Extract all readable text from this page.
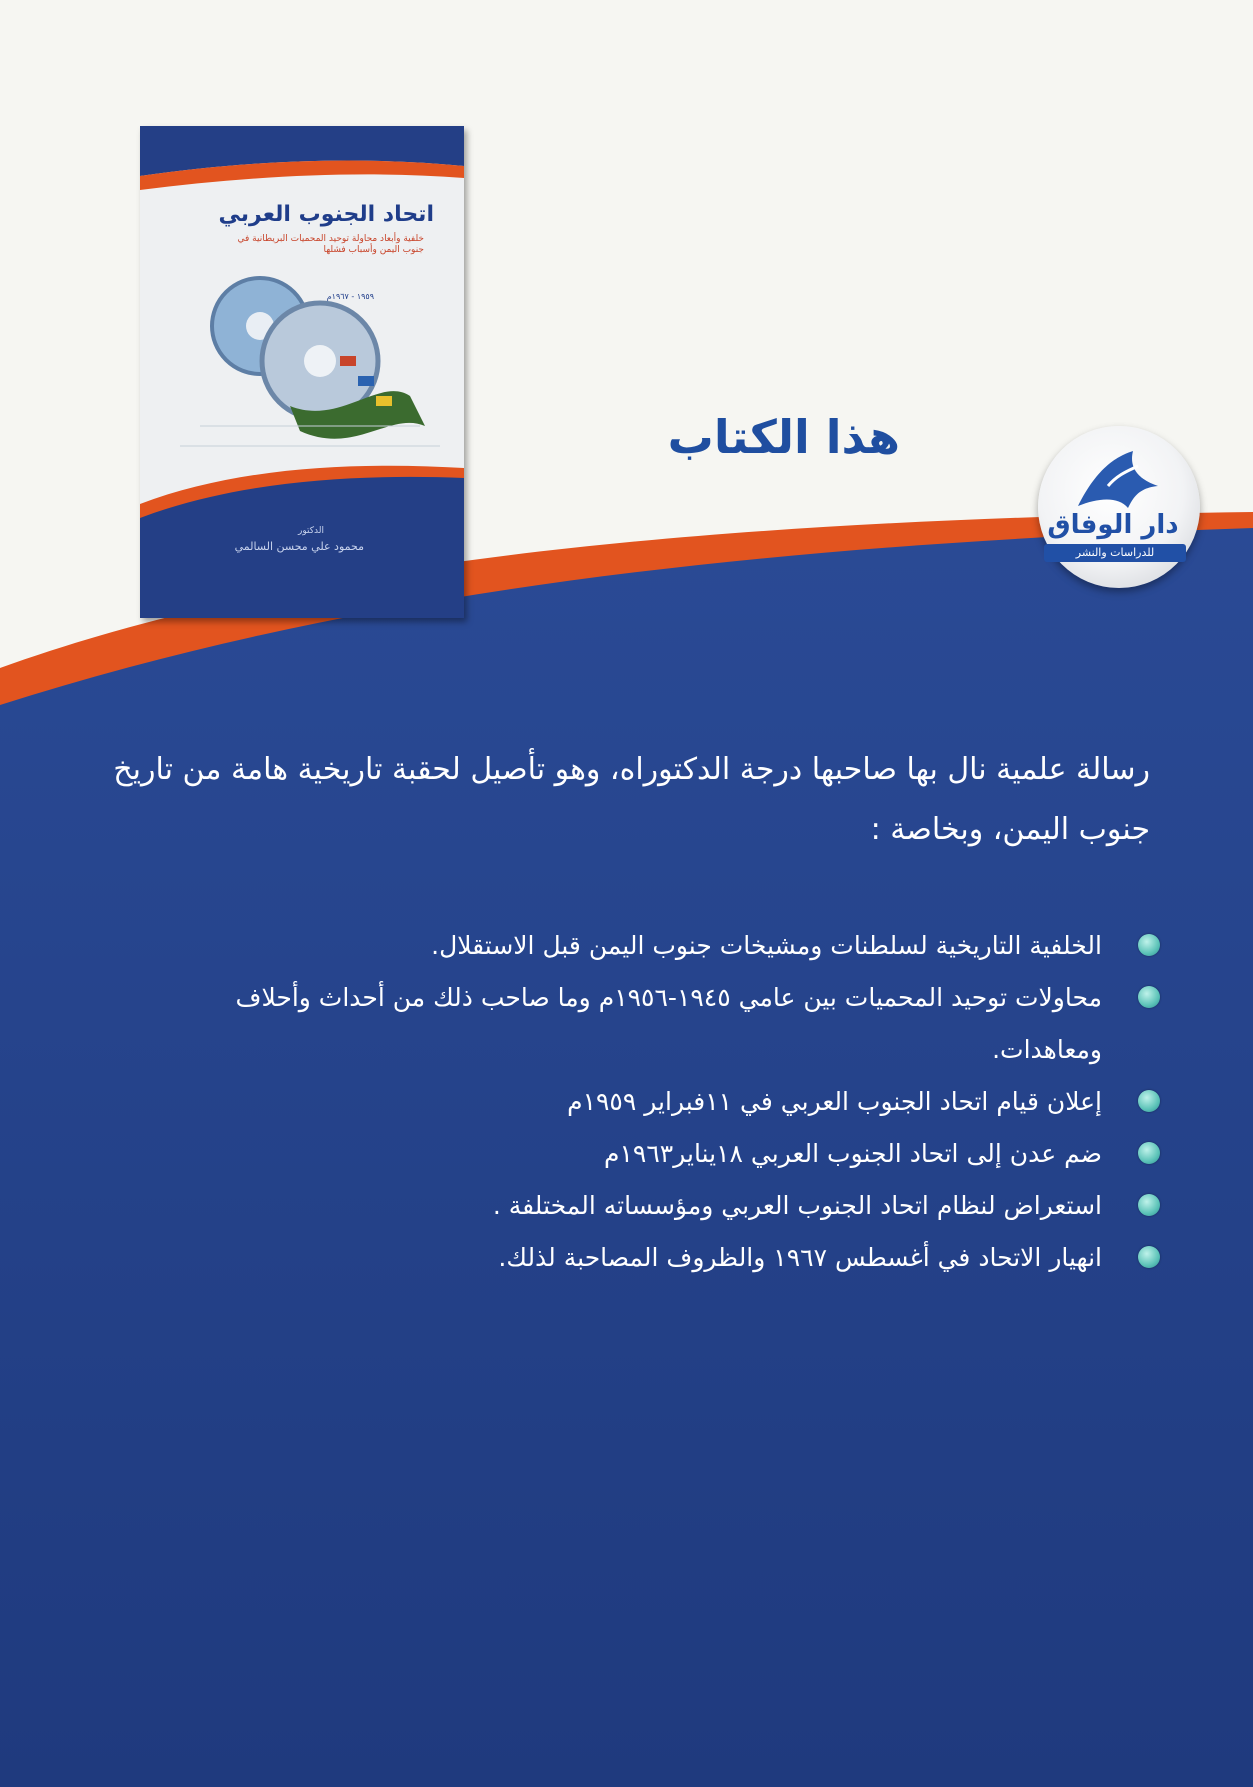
اتحاد الجنوب العربي
خلفية وأبعاد محاولة توحيد المحميات البريطانية في جنوب اليمن وأسباب فشلها
١٩٥٩ - ١٩٦٧م
الدكتور
محمود علي محسن السالمي
هذا الكتاب
دار الوفاق
للدراسات والنشر
رسالة علمية نال بها صاحبها درجة الدكتوراه، وهو تأصيل لحقبة تاريخية هامة من تاريخ جنوب اليمن، وبخاصة :
الخلفية التاريخية لسلطنات ومشيخات جنوب اليمن قبل الاستقلال.
محاولات توحيد المحميات بين عامي ١٩٤٥-١٩٥٦م وما صاحب ذلك من أحداث وأحلاف ومعاهدات.
إعلان قيام اتحاد الجنوب العربي في ١١فبراير ١٩٥٩م
ضم عدن إلى اتحاد الجنوب العربي ١٨يناير١٩٦٣م
استعراض لنظام اتحاد الجنوب العربي ومؤسساته المختلفة .
انهيار الاتحاد في أغسطس ١٩٦٧ والظروف المصاحبة لذلك.
